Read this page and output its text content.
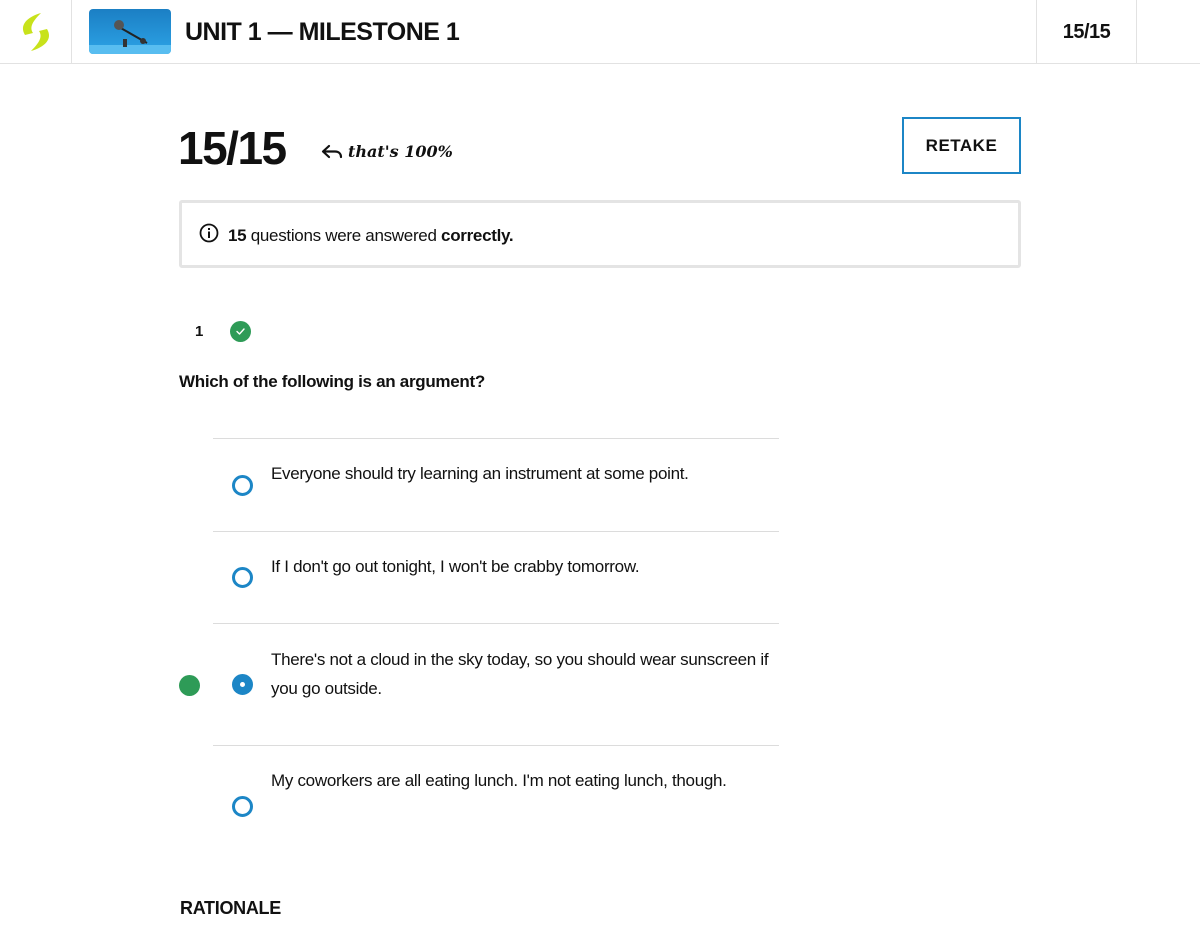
UNIT 1 — MILESTONE 1	15/15
15/15	that's 100%	RETAKE
15 questions were answered correctly.
1
Which of the following is an argument?
Everyone should try learning an instrument at some point.
If I don't go out tonight, I won't be crabby tomorrow.
There's not a cloud in the sky today, so you should wear sunscreen if you go outside.
My coworkers are all eating lunch. I'm not eating lunch, though.
RATIONALE
